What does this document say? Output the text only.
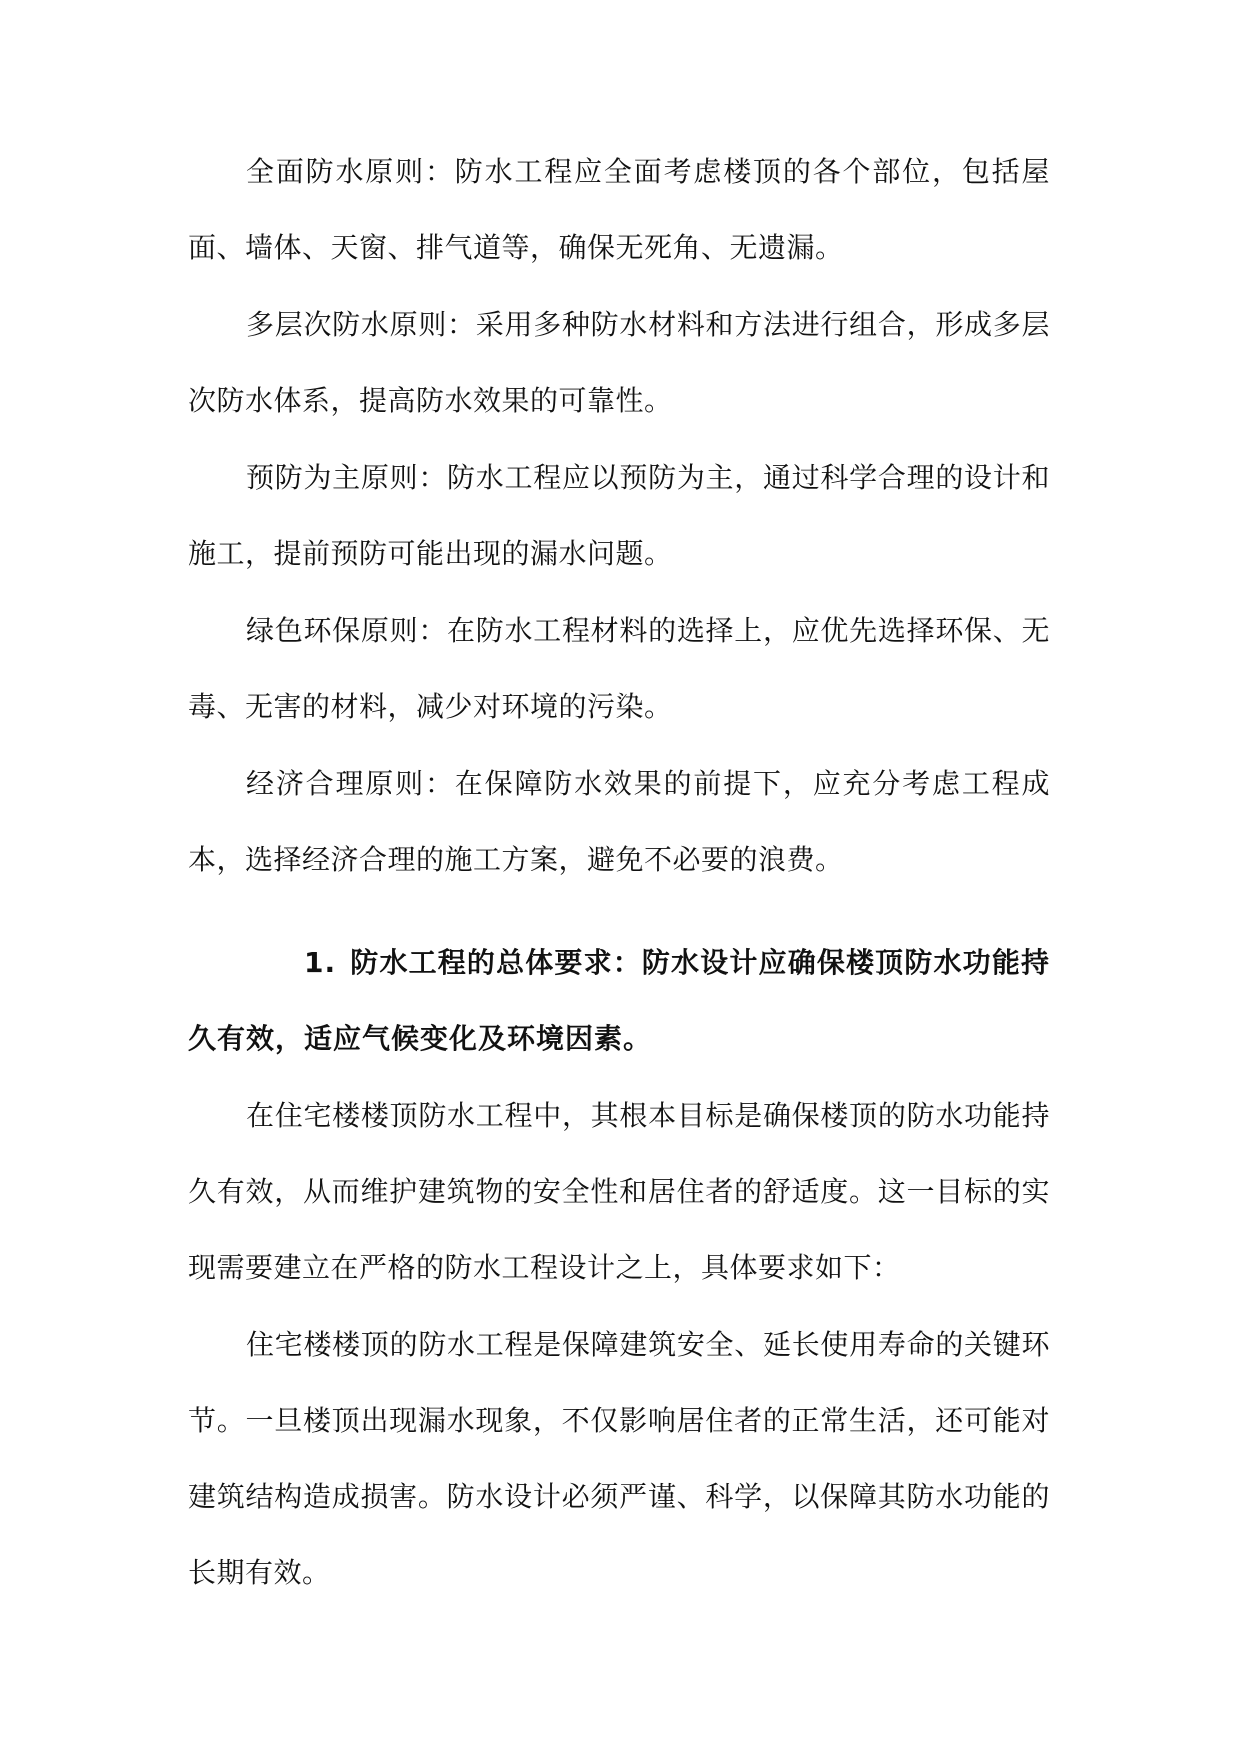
全面防水原则：防水工程应全面考虑楼顶的各个部位，包括屋面、墙体、天窗、排气道等，确保无死角、无遗漏。

多层次防水原则：采用多种防水材料和方法进行组合，形成多层次防水体系，提高防水效果的可靠性。

预防为主原则：防水工程应以预防为主，通过科学合理的设计和施工，提前预防可能出现的漏水问题。

绿色环保原则：在防水工程材料的选择上，应优先选择环保、无毒、无害的材料，减少对环境的污染。

经济合理原则：在保障防水效果的前提下，应充分考虑工程成本，选择经济合理的施工方案，避免不必要的浪费。

1. 防水工程的总体要求：防水设计应确保楼顶防水功能持久有效，适应气候变化及环境因素。

在住宅楼楼顶防水工程中，其根本目标是确保楼顶的防水功能持久有效，从而维护建筑物的安全性和居住者的舒适度。这一目标的实现需要建立在严格的防水工程设计之上，具体要求如下：

住宅楼楼顶的防水工程是保障建筑安全、延长使用寿命的关键环节。一旦楼顶出现漏水现象，不仅影响居住者的正常生活，还可能对建筑结构造成损害。防水设计必须严谨、科学，以保障其防水功能的长期有效。
